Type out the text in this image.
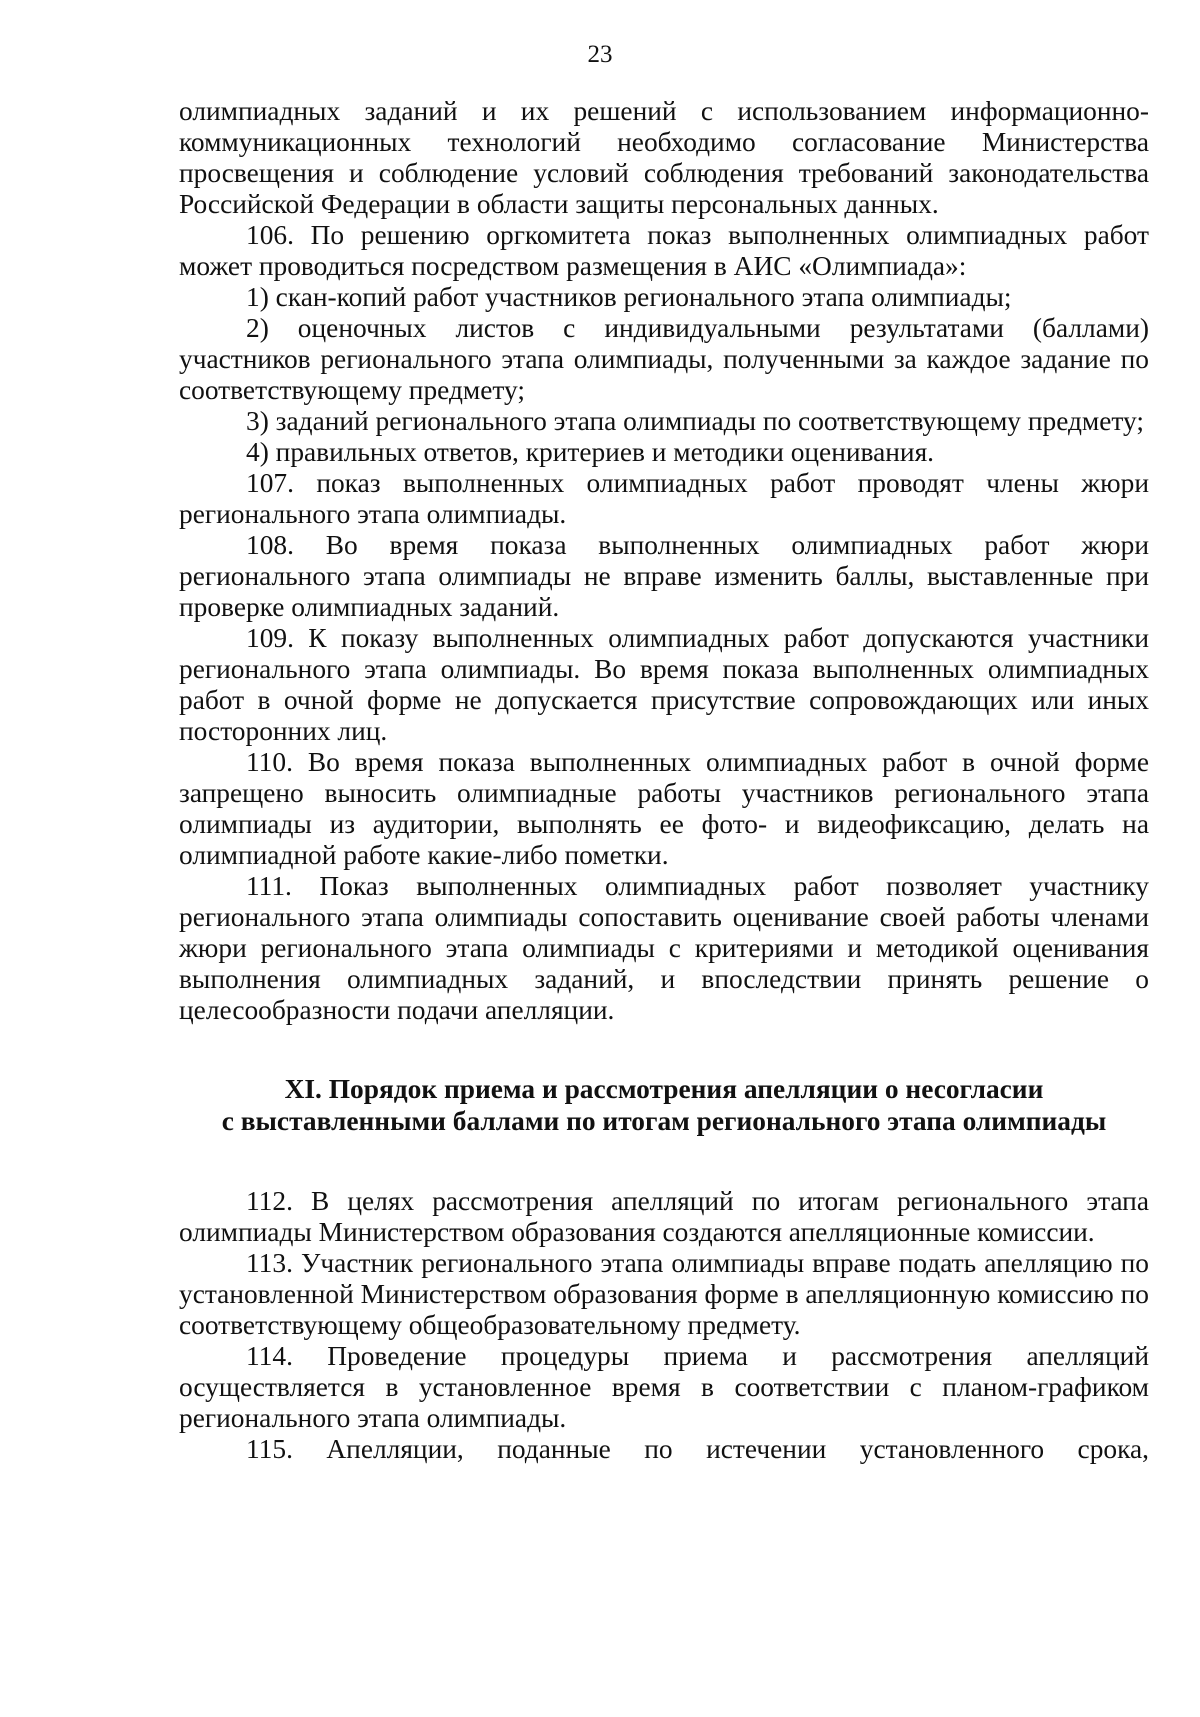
23

олимпиадных заданий и их решений с использованием информационно-коммуникационных технологий необходимо согласование Министерства просвещения и соблюдение условий соблюдения требований законодательства Российской Федерации в области защиты персональных данных.

106. По решению оргкомитета показ выполненных олимпиадных работ может проводиться посредством размещения в АИС «Олимпиада»:

1) скан-копий работ участников регионального этапа олимпиады;

2) оценочных листов с индивидуальными результатами (баллами) участников регионального этапа олимпиады, полученными за каждое задание по соответствующему предмету;

3) заданий регионального этапа олимпиады по соответствующему предмету;

4) правильных ответов, критериев и методики оценивания.

107. показ выполненных олимпиадных работ проводят члены жюри регионального этапа олимпиады.

108. Во время показа выполненных олимпиадных работ жюри регионального этапа олимпиады не вправе изменить баллы, выставленные при проверке олимпиадных заданий.

109. К показу выполненных олимпиадных работ допускаются участники регионального этапа олимпиады. Во время показа выполненных олимпиадных работ в очной форме не допускается присутствие сопровождающих или иных посторонних лиц.

110. Во время показа выполненных олимпиадных работ в очной форме запрещено выносить олимпиадные работы участников регионального этапа олимпиады из аудитории, выполнять ее фото- и видеофиксацию, делать на олимпиадной работе какие-либо пометки.

111. Показ выполненных олимпиадных работ позволяет участнику регионального этапа олимпиады сопоставить оценивание своей работы членами жюри регионального этапа олимпиады с критериями и методикой оценивания выполнения олимпиадных заданий, и впоследствии принять решение о целесообразности подачи апелляции.

XI. Порядок приема и рассмотрения апелляции о несогласии
с выставленными баллами по итогам регионального этапа олимпиады

112. В целях рассмотрения апелляций по итогам регионального этапа олимпиады Министерством образования создаются апелляционные комиссии.

113. Участник регионального этапа олимпиады вправе подать апелляцию по установленной Министерством образования форме в апелляционную комиссию по соответствующему общеобразовательному предмету.

114. Проведение процедуры приема и рассмотрения апелляций осуществляется в установленное время в соответствии с планом-графиком регионального этапа олимпиады.

115. Апелляции, поданные по истечении установленного срока,
